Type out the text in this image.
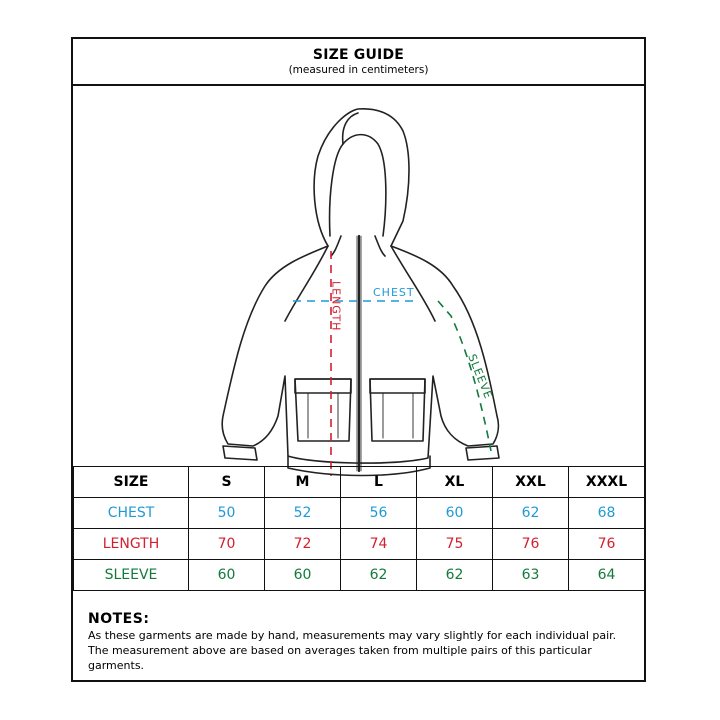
SIZE GUIDE
(measured in centimeters)
CHEST
LENGTH
SLEEVE
SIZE	S	M	L	XL	XXL	XXXL
CHEST	50	52	56	60	62	68
LENGTH	70	72	74	75	76	76
SLEEVE	60	60	62	62	63	64
NOTES:
As these garments are made by hand, measurements may vary slightly for each individual pair. The measurement above are based on averages taken from multiple pairs of this particular garments.
